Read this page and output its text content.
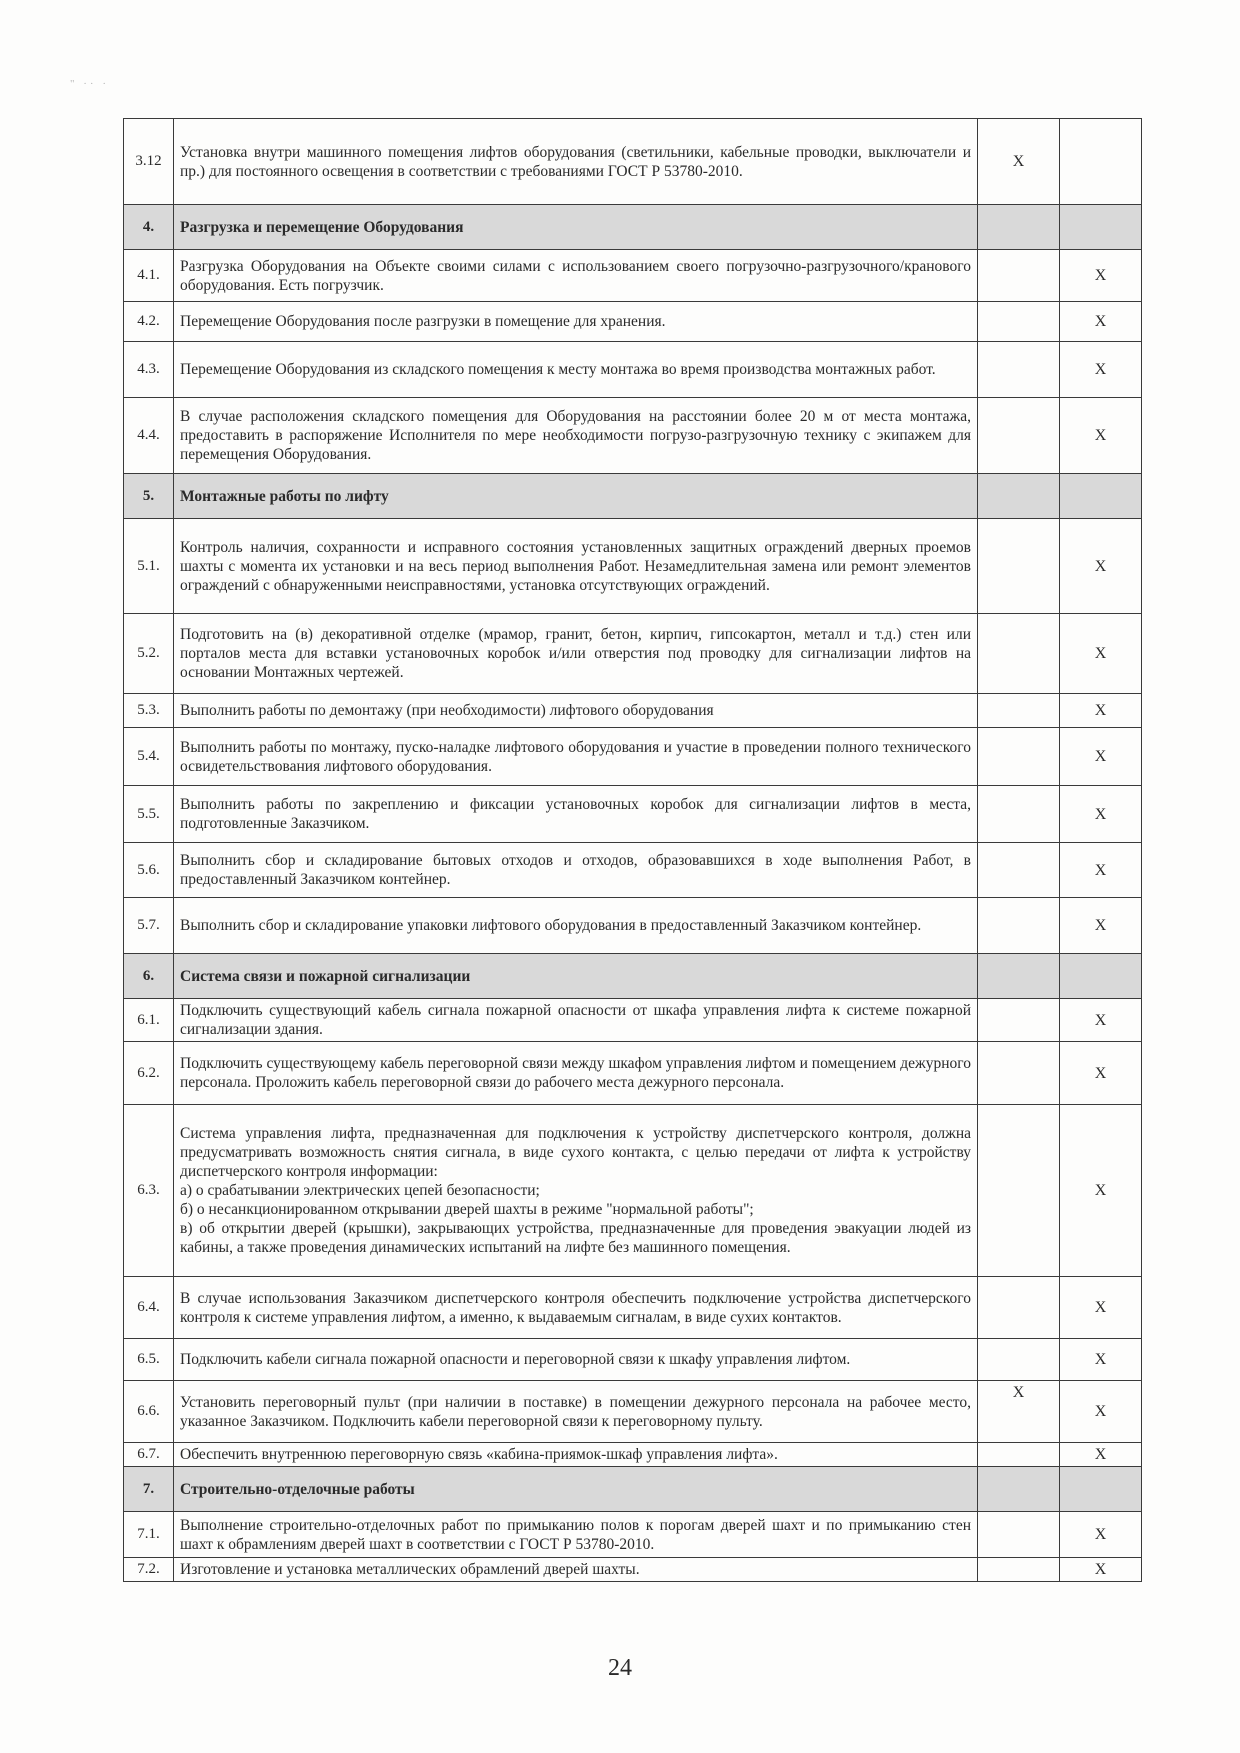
" ·· ·
3.12	Установка внутри машинного помещения лифтов оборудования (светильники, кабельные проводки, выключатели и пр.) для постоянного освещения в соответствии с требованиями ГОСТ Р 53780-2010.	X	
4.	Разгрузка и перемещение Оборудования		
4.1.	Разгрузка Оборудования на Объекте своими силами с использованием своего погрузочно-разгрузочного/кранового оборудования. Есть погрузчик.		X
4.2.	Перемещение Оборудования после разгрузки в помещение для хранения.		X
4.3.	Перемещение Оборудования из складского помещения к месту монтажа во время производства монтажных работ.		X
4.4.	В случае расположения складского помещения для Оборудования на расстоянии более 20 м от места монтажа, предоставить в распоряжение Исполнителя по мере необходимости погрузо-разгрузочную технику с экипажем для перемещения Оборудования.		X
5.	Монтажные работы по лифту		
5.1.	Контроль наличия, сохранности и исправного состояния установленных защитных ограждений дверных проемов шахты с момента их установки и на весь период выполнения Работ. Незамедлительная замена или ремонт элементов ограждений с обнаруженными неисправностями, установка отсутствующих ограждений.		X
5.2.	Подготовить на (в) декоративной отделке (мрамор, гранит, бетон, кирпич, гипсокартон, металл и т.д.) стен или порталов места для вставки установочных коробок и/или отверстия под проводку для сигнализации лифтов на основании Монтажных чертежей.		X
5.3.	Выполнить работы по демонтажу (при необходимости) лифтового оборудования		X
5.4.	Выполнить работы по монтажу, пуско-наладке лифтового оборудования и участие в проведении полного технического освидетельствования лифтового оборудования.		X
5.5.	Выполнить работы по закреплению и фиксации установочных коробок для сигнализации лифтов в места, подготовленные Заказчиком.		X
5.6.	Выполнить сбор и складирование бытовых отходов и отходов, образовавшихся в ходе выполнения Работ, в предоставленный Заказчиком контейнер.		X
5.7.	Выполнить сбор и складирование упаковки лифтового оборудования в предоставленный Заказчиком контейнер.		X
6.	Система связи и пожарной сигнализации		
6.1.	Подключить существующий кабель сигнала пожарной опасности от шкафа управления лифта к системе пожарной сигнализации здания.		X
6.2.	Подключить существующему кабель переговорной связи между шкафом управления лифтом и помещением дежурного персонала. Проложить кабель переговорной связи до рабочего места дежурного персонала.		X
6.3.	Система управления лифта, предназначенная для подключения к устройству диспетчерского контроля, должна предусматривать возможность снятия сигнала, в виде сухого контакта, с целью передачи от лифта к устройству диспетчерского контроля информации:
а) о срабатывании электрических цепей безопасности;
б) о несанкционированном открывании дверей шахты в режиме "нормальной работы";
в) об открытии дверей (крышки), закрывающих устройства, предназначенные для проведения эвакуации людей из кабины, а также проведения динамических испытаний на лифте без машинного помещения.		X
6.4.	В случае использования Заказчиком диспетчерского контроля обеспечить подключение устройства диспетчерского контроля к системе управления лифтом, а именно, к выдаваемым сигналам, в виде сухих контактов.		X
6.5.	Подключить кабели сигнала пожарной опасности и переговорной связи к шкафу управления лифтом.		X
6.6.	Установить переговорный пульт (при наличии в поставке) в помещении дежурного персонала на рабочее место, указанное Заказчиком. Подключить кабели переговорной связи к переговорному пульту.	X	X
6.7.	Обеспечить внутреннюю переговорную связь «кабина-приямок-шкаф управления лифта».		X
7.	Строительно-отделочные работы		
7.1.	Выполнение строительно-отделочных работ по примыканию полов к порогам дверей шахт и по примыканию стен шахт к обрамлениям дверей шахт в соответствии с ГОСТ Р 53780-2010.		X
7.2.	Изготовление и установка металлических обрамлений дверей шахты.		X
24
